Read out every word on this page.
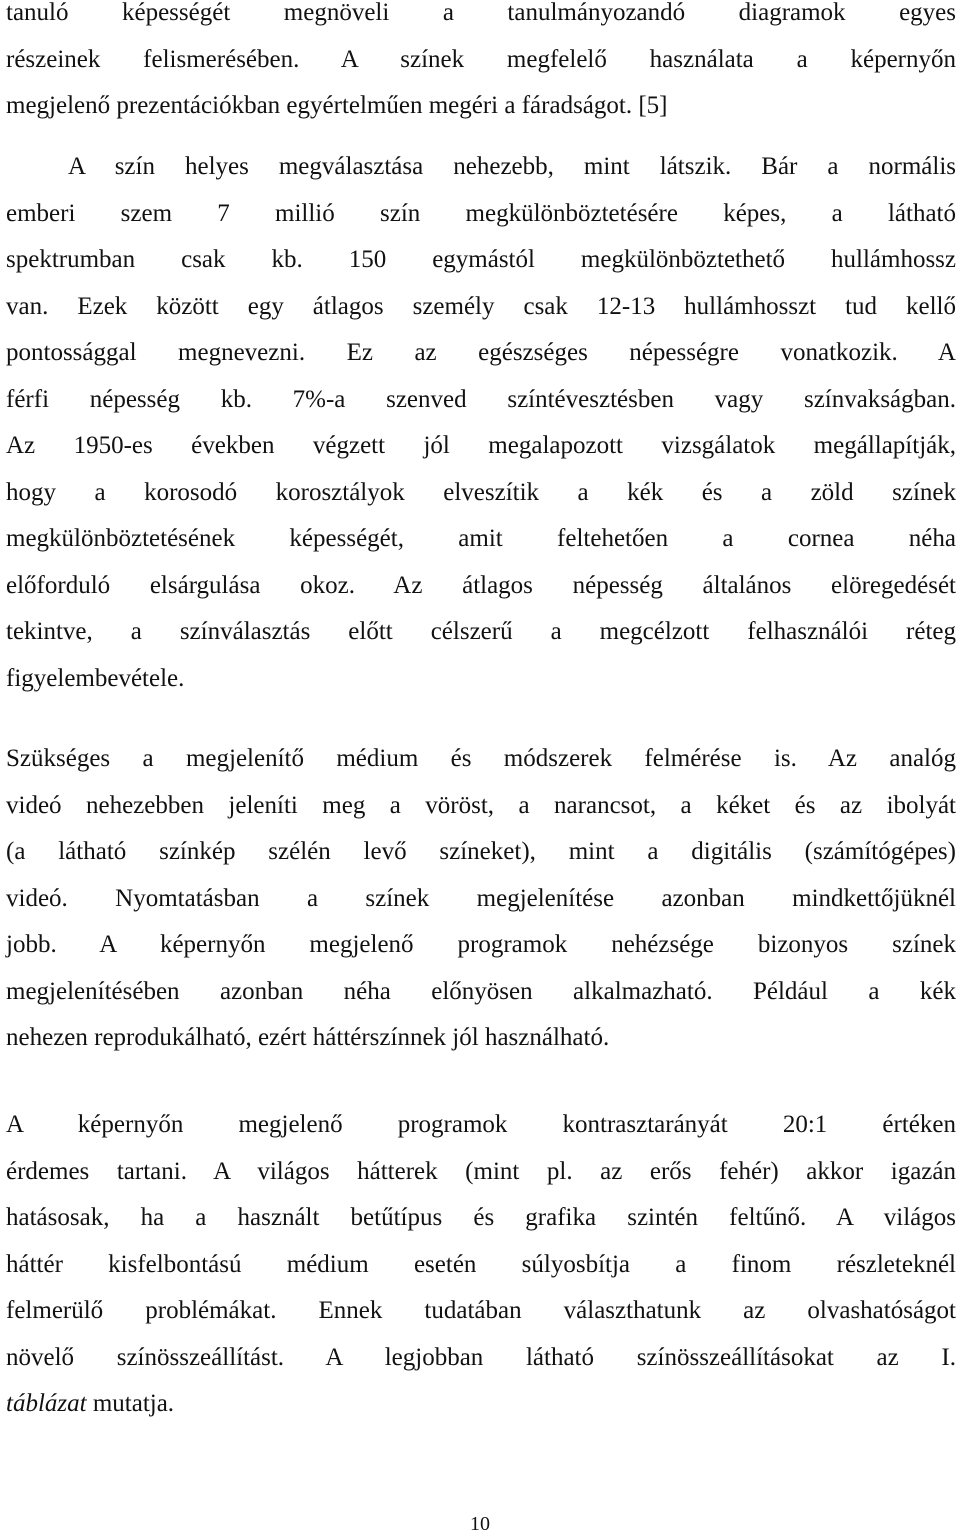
tanuló képességét megnöveli a tanulmányozandó diagramok egyes
részeinek felismerésében. A színek megfelelő használata a képernyőn
megjelenő prezentációkban egyértelműen megéri a fáradságot. [5]
A szín helyes megválasztása nehezebb, mint látszik. Bár a normális
emberi szem 7 millió szín megkülönböztetésére képes, a látható
spektrumban csak kb. 150 egymástól megkülönböztethető hullámhossz
van. Ezek között egy átlagos személy csak 12-13 hullámhosszt tud kellő
pontossággal megnevezni. Ez az egészséges népességre vonatkozik. A
férfi népesség kb. 7%-a szenved színtévesztésben vagy színvakságban.
Az 1950-es években végzett jól megalapozott vizsgálatok megállapítják,
hogy a korosodó korosztályok elveszítik a kék és a zöld színek
megkülönböztetésének képességét, amit feltehetően a cornea néha
előforduló elsárgulása okoz. Az átlagos népesség általános elöregedését
tekintve, a színválasztás előtt célszerű a megcélzott felhasználói réteg
figyelembevétele.
Szükséges a megjelenítő médium és módszerek felmérése is. Az analóg
videó nehezebben jeleníti meg a vöröst, a narancsot, a kéket és az ibolyát
(a látható színkép szélén levő színeket), mint a digitális (számítógépes)
videó. Nyomtatásban a színek megjelenítése azonban mindkettőjüknél
jobb. A képernyőn megjelenő programok nehézsége bizonyos színek
megjelenítésében azonban néha előnyösen alkalmazható. Például a kék
nehezen reprodukálható, ezért háttérszínnek jól használható.
A képernyőn megjelenő programok kontrasztarányát 20:1 értéken
érdemes tartani. A világos hátterek (mint pl. az erős fehér) akkor igazán
hatásosak, ha a használt betűtípus és grafika szintén feltűnő. A világos
háttér kisfelbontású médium esetén súlyosbítja a finom részleteknél
felmerülő problémákat. Ennek tudatában választhatunk az olvashatóságot
növelő színösszeállítást. A legjobban látható színösszeállításokat az I.
táblázat mutatja.
10
